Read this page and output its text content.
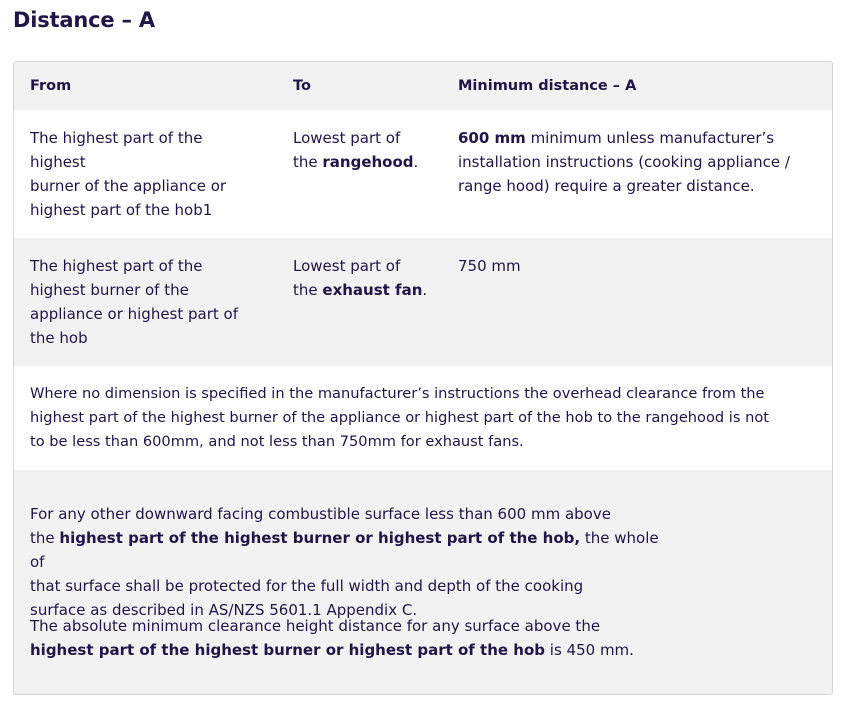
Distance – A
From	To	Minimum distance – A
The highest part of the
highest
burner of the appliance or
highest part of the hob1
Lowest part of
the rangehood.
600 mm minimum unless manufacturer’s
installation instructions (cooking appliance /
range hood) require a greater distance.
The highest part of the
highest burner of the
appliance or highest part of
the hob
Lowest part of
the exhaust fan.
750 mm
Where no dimension is specified in the manufacturer’s instructions the overhead clearance from the
highest part of the highest burner of the appliance or highest part of the hob to the rangehood is not
to be less than 600mm, and not less than 750mm for exhaust fans.
For any other downward facing combustible surface less than 600 mm above
the highest part of the highest burner or highest part of the hob, the whole of
that surface shall be protected for the full width and depth of the cooking
surface as described in AS/NZS 5601.1 Appendix C.
The absolute minimum clearance height distance for any surface above the
highest part of the highest burner or highest part of the hob is 450 mm.
